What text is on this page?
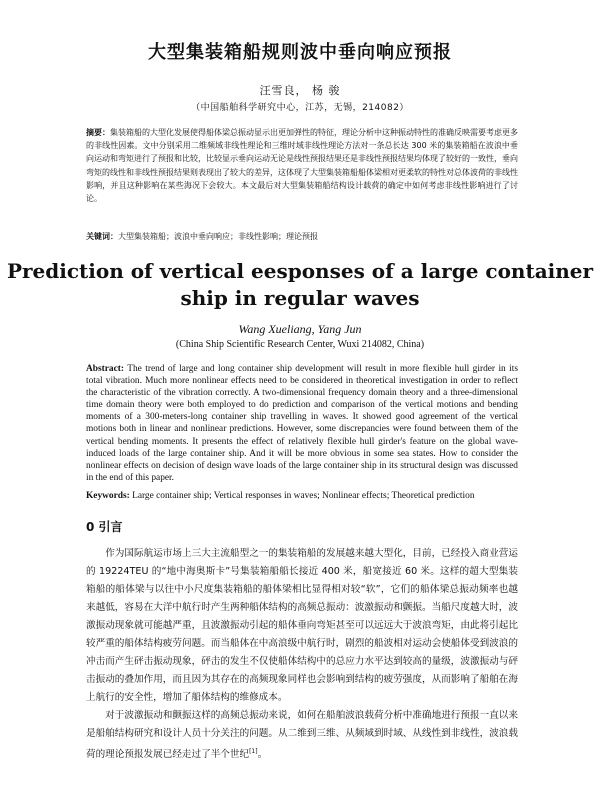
大型集装箱船规则波中垂向响应预报
汪雪良， 杨 骏
（中国船舶科学研究中心，江苏，无锡，214082）
摘要：集装箱船的大型化发展使得船体梁总振动显示出更加弹性的特征，理论分析中这种振动特性的准确反映需要考虑更多的非线性因素。文中分别采用二维频域非线性理论和三维时域非线性理论方法对一条总长达 300 米的集装箱船在波浪中垂向运动和弯矩进行了预报和比较，比较显示垂向运动无论是线性预报结果还是非线性预报结果均体现了较好的一致性，垂向弯矩的线性和非线性预报结果则表现出了较大的差异，这体现了大型集装箱船船体梁相对更柔软的特性对总体波荷的非线性影响，并且这种影响在某些海况下会较大。本文最后对大型集装箱船结构设计载荷的确定中如何考虑非线性影响进行了讨论。
关键词：大型集装箱船；波浪中垂向响应；非线性影响；理论预报
Prediction of vertical eesponses of a large container ship in regular waves
Wang Xueliang, Yang Jun
(China Ship Scientific Research Center, Wuxi 214082, China)
Abstract: The trend of large and long container ship development will result in more flexible hull girder in its total vibration. Much more nonlinear effects need to be considered in theoretical investigation in order to reflect the characteristic of the vibration correctly. A two-dimensional frequency domain theory and a three-dimensional time domain theory were both employed to do prediction and comparison of the vertical motions and bending moments of a 300-meters-long container ship travelling in waves. It showed good agreement of the vertical motions both in linear and nonlinear predictions. However, some discrepancies were found between them of the vertical bending moments. It presents the effect of relatively flexible hull girder's feature on the global wave-induced loads of the large container ship. And it will be more obvious in some sea states. How to consider the nonlinear effects on decision of design wave loads of the large container ship in its structural design was discussed in the end of this paper.
Keywords: Large container ship; Vertical responses in waves; Nonlinear effects; Theoretical prediction
0 引言

作为国际航运市场上三大主流船型之一的集装箱船的发展越来越大型化，目前，已经投入商业营运的 19224TEU 的“地中海奥斯卡”号集装箱船船长接近 400 米，船宽接近 60 米。这样的超大型集装箱船的船体梁与以往中小尺度集装箱船的船体梁相比显得相对较“软”，它们的船体梁总振动频率也越来越低，容易在大洋中航行时产生两种船体结构的高频总振动：波激振动和颤振。当船尺度越大时，波激振动现象就可能越严重，且波激振动引起的船体垂向弯矩甚至可以远远大于波浪弯矩，由此将引起比较严重的船体结构疲劳问题。而当船体在中高浪级中航行时，剧烈的船波相对运动会使船体受到波浪的冲击而产生砰击振动现象，砰击的发生不仅使船体结构中的总应力水平达到较高的量级，波激振动与砰击振动的叠加作用，而且因为其存在的高频现象同样也会影响到结构的疲劳强度，从而影响了船舶在海上航行的安全性，增加了船体结构的维修成本。

对于波激振动和颤振这样的高频总振动来说，如何在船舶波浪载荷分析中准确地进行预报一直以来是船舶结构研究和设计人员十分关注的问题。从二维到三维、从频域到时域、从线性到非线性，波浪载荷的理论预报发展已经走过了半个世纪[1]。
